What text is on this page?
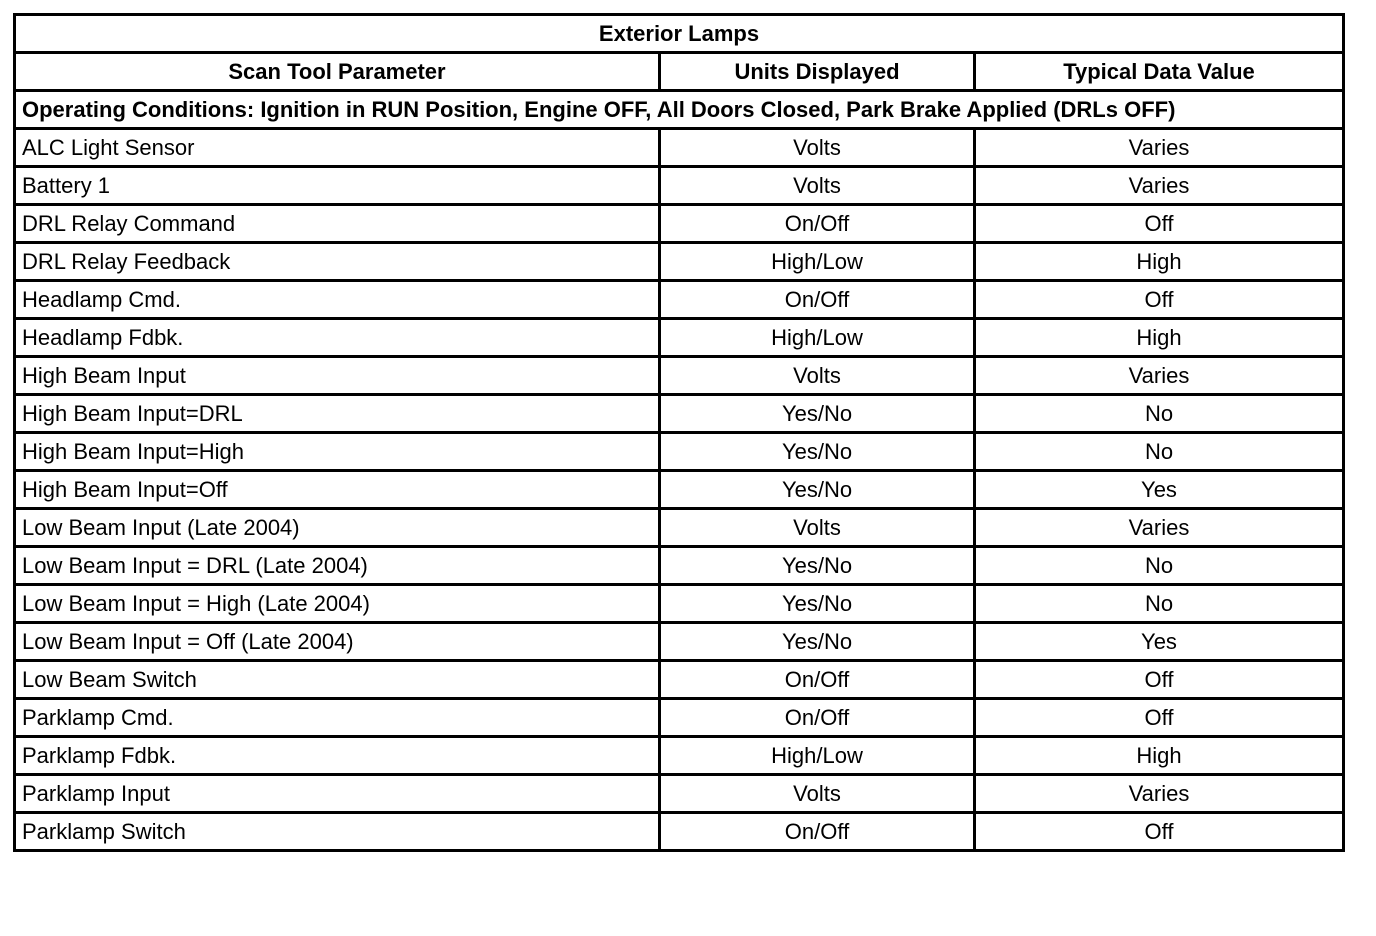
Exterior Lamps		
Scan Tool Parameter	Units Displayed	Typical Data Value
Operating Conditions: Ignition in RUN Position, Engine OFF, All Doors Closed, Park Brake Applied (DRLs OFF)		
ALC Light Sensor	Volts	Varies
Battery 1	Volts	Varies
DRL Relay Command	On/Off	Off
DRL Relay Feedback	High/Low	High
Headlamp Cmd.	On/Off	Off
Headlamp Fdbk.	High/Low	High
High Beam Input	Volts	Varies
High Beam Input=DRL	Yes/No	No
High Beam Input=High	Yes/No	No
High Beam Input=Off	Yes/No	Yes
Low Beam Input (Late 2004)	Volts	Varies
Low Beam Input = DRL (Late 2004)	Yes/No	No
Low Beam Input = High (Late 2004)	Yes/No	No
Low Beam Input = Off (Late 2004)	Yes/No	Yes
Low Beam Switch	On/Off	Off
Parklamp Cmd.	On/Off	Off
Parklamp Fdbk.	High/Low	High
Parklamp Input	Volts	Varies
Parklamp Switch	On/Off	Off
